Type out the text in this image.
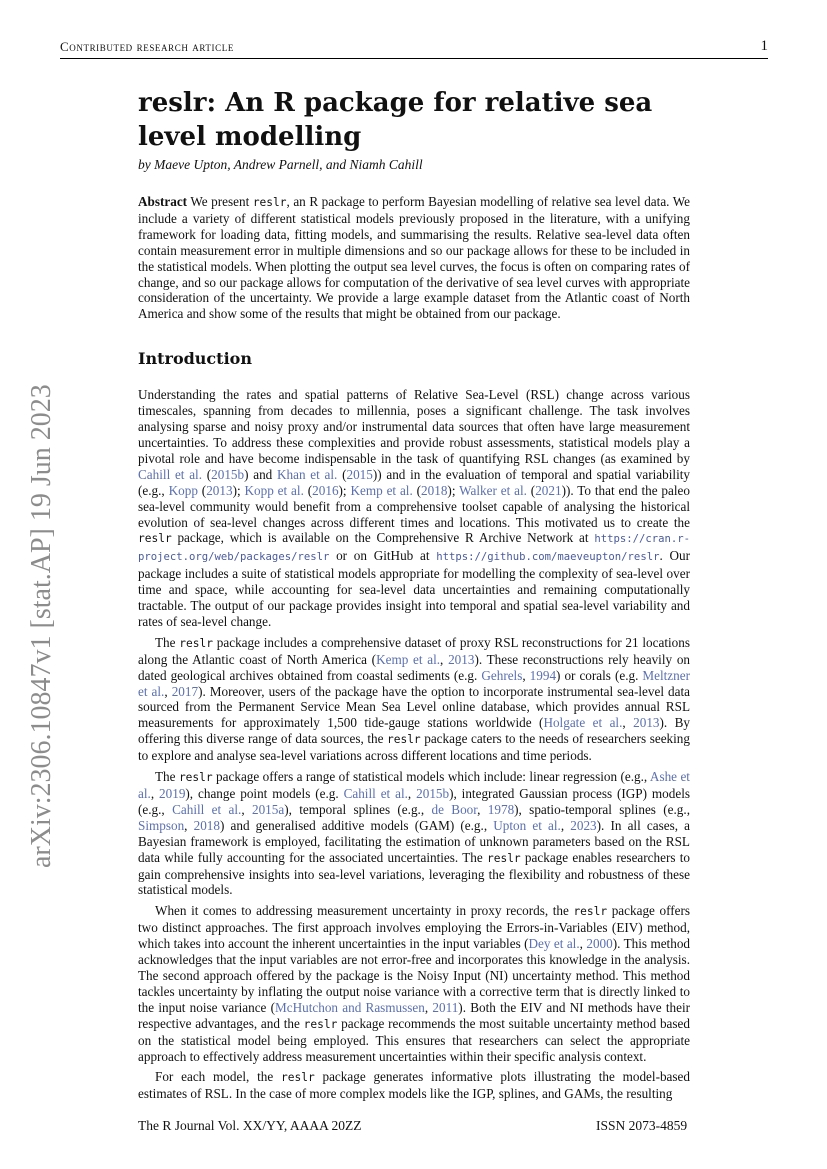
Contributed research article	1
arXiv:2306.10847v1 [stat.AP] 19 Jun 2023
reslr: An R package for relative sea level modelling
by Maeve Upton, Andrew Parnell, and Niamh Cahill

Abstract We present reslr, an R package to perform Bayesian modelling of relative sea level data. We include a variety of different statistical models previously proposed in the literature, with a unifying framework for loading data, fitting models, and summarising the results. Relative sea-level data often contain measurement error in multiple dimensions and so our package allows for these to be included in the statistical models. When plotting the output sea level curves, the focus is often on comparing rates of change, and so our package allows for computation of the derivative of sea level curves with appropriate consideration of the uncertainty. We provide a large example dataset from the Atlantic coast of North America and show some of the results that might be obtained from our package.

Introduction

Understanding the rates and spatial patterns of Relative Sea-Level (RSL) change across various timescales, spanning from decades to millennia, poses a significant challenge. The task involves analysing sparse and noisy proxy and/or instrumental data sources that often have large measurement uncertainties. To address these complexities and provide robust assessments, statistical models play a pivotal role and have become indispensable in the task of quantifying RSL changes (as examined by Cahill et al. (2015b) and Khan et al. (2015)) and in the evaluation of temporal and spatial variability (e.g., Kopp (2013); Kopp et al. (2016); Kemp et al. (2018); Walker et al. (2021)). To that end the paleo sea-level community would benefit from a comprehensive toolset capable of analysing the historical evolution of sea-level changes across different times and locations. This motivated us to create the reslr package, which is available on the Comprehensive R Archive Network at https://cran.r-project.org/web/packages/reslr or on GitHub at https://github.com/maeveupton/reslr. Our package includes a suite of statistical models appropriate for modelling the complexity of sea-level over time and space, while accounting for sea-level data uncertainties and remaining computationally tractable. The output of our package provides insight into temporal and spatial sea-level variability and rates of sea-level change.

The reslr package includes a comprehensive dataset of proxy RSL reconstructions for 21 locations along the Atlantic coast of North America (Kemp et al., 2013). These reconstructions rely heavily on dated geological archives obtained from coastal sediments (e.g. Gehrels, 1994) or corals (e.g. Meltzner et al., 2017). Moreover, users of the package have the option to incorporate instrumental sea-level data sourced from the Permanent Service Mean Sea Level online database, which provides annual RSL measurements for approximately 1,500 tide-gauge stations worldwide (Holgate et al., 2013). By offering this diverse range of data sources, the reslr package caters to the needs of researchers seeking to explore and analyse sea-level variations across different locations and time periods.

The reslr package offers a range of statistical models which include: linear regression (e.g., Ashe et al., 2019), change point models (e.g. Cahill et al., 2015b), integrated Gaussian process (IGP) models (e.g., Cahill et al., 2015a), temporal splines (e.g., de Boor, 1978), spatio-temporal splines (e.g., Simpson, 2018) and generalised additive models (GAM) (e.g., Upton et al., 2023). In all cases, a Bayesian framework is employed, facilitating the estimation of unknown parameters based on the RSL data while fully accounting for the associated uncertainties. The reslr package enables researchers to gain comprehensive insights into sea-level variations, leveraging the flexibility and robustness of these statistical models.

When it comes to addressing measurement uncertainty in proxy records, the reslr package offers two distinct approaches. The first approach involves employing the Errors-in-Variables (EIV) method, which takes into account the inherent uncertainties in the input variables (Dey et al., 2000). This method acknowledges that the input variables are not error-free and incorporates this knowledge in the analysis. The second approach offered by the package is the Noisy Input (NI) uncertainty method. This method tackles uncertainty by inflating the output noise variance with a corrective term that is directly linked to the input noise variance (McHutchon and Rasmussen, 2011). Both the EIV and NI methods have their respective advantages, and the reslr package recommends the most suitable uncertainty method based on the statistical model being employed. This ensures that researchers can select the appropriate approach to effectively address measurement uncertainties within their specific analysis context.

For each model, the reslr package generates informative plots illustrating the model-based estimates of RSL. In the case of more complex models like the IGP, splines, and GAMs, the resulting

The R Journal Vol. XX/YY, AAAA 20ZZ	ISSN 2073-4859
